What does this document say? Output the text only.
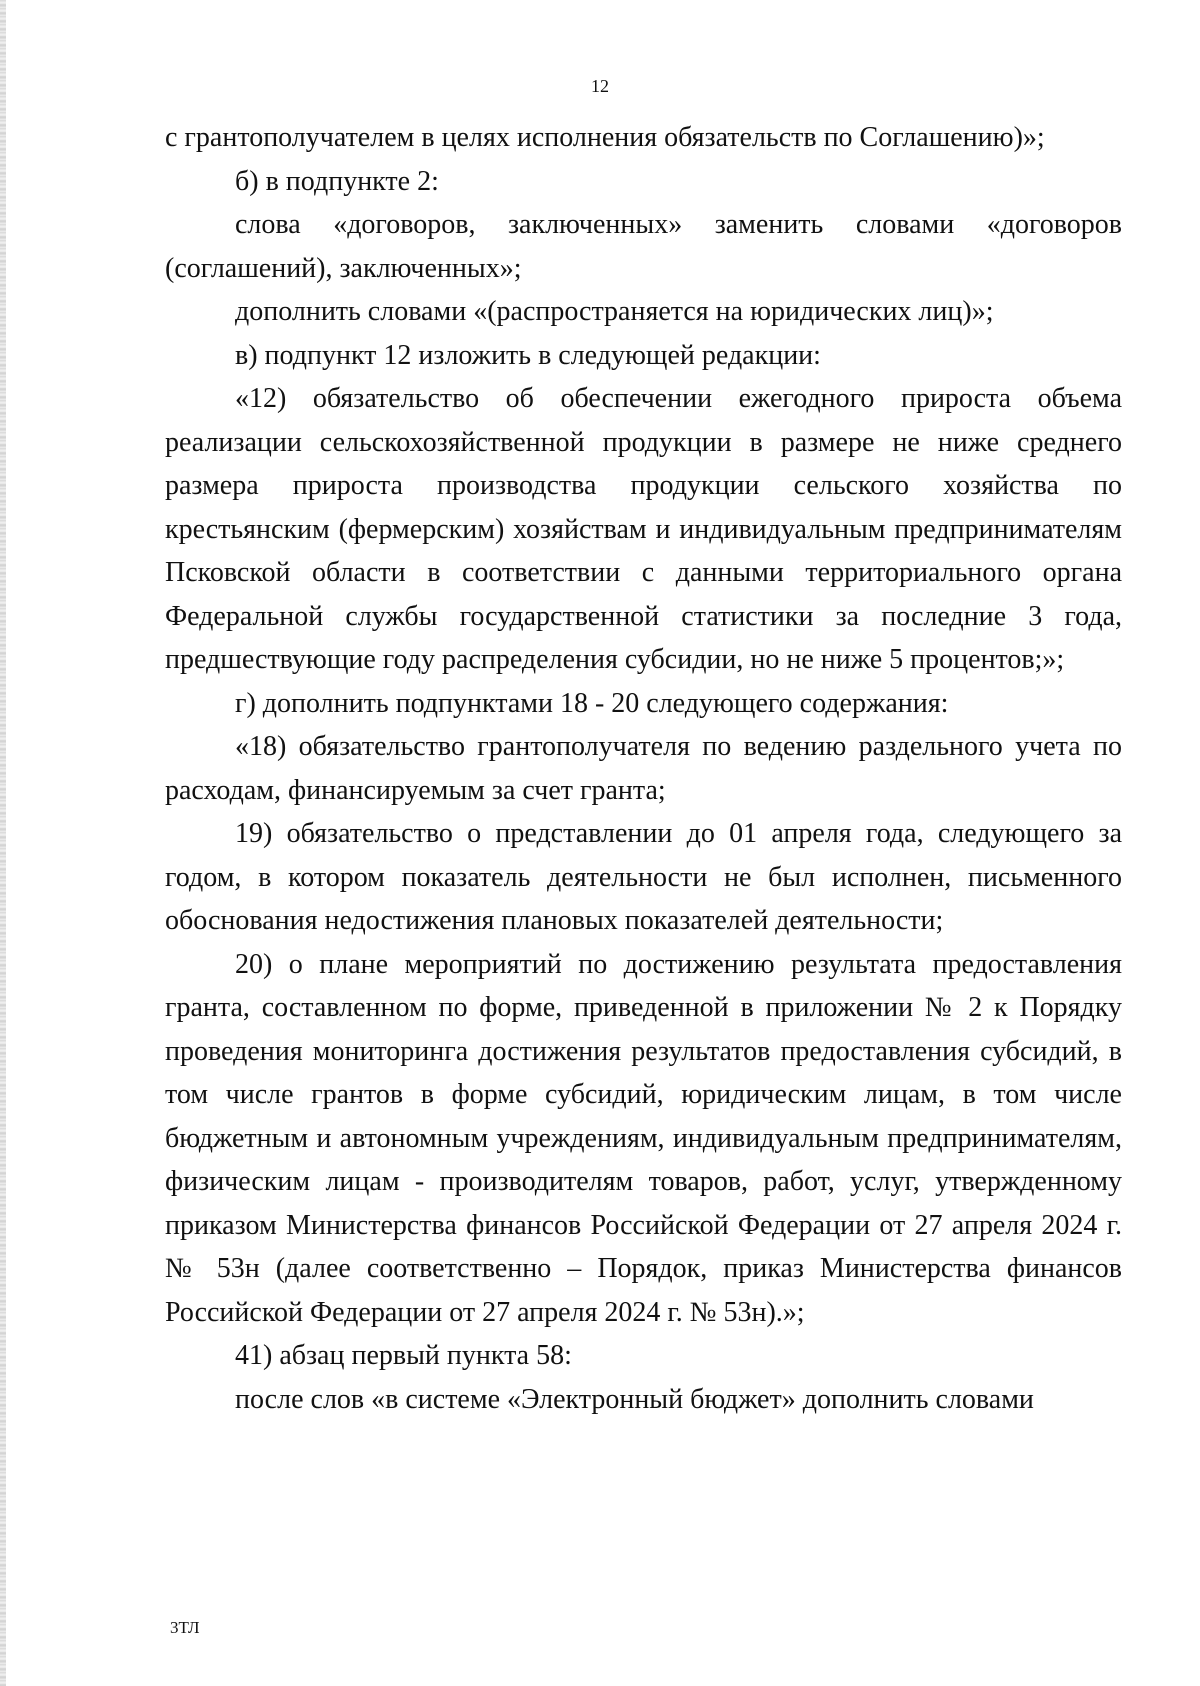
12

с грантополучателем в целях исполнения обязательств по Соглашению)»;

б) в подпункте 2:

слова «договоров, заключенных» заменить словами «договоров (соглашений), заключенных»;

дополнить словами «(распространяется на юридических лиц)»;

в) подпункт 12 изложить в следующей редакции:

«12) обязательство об обеспечении ежегодного прироста объема реализации сельскохозяйственной продукции в размере не ниже среднего размера прироста производства продукции сельского хозяйства по крестьянским (фермерским) хозяйствам и индивидуальным предпринимателям Псковской области в соответствии с данными территориального органа Федеральной службы государственной статистики за последние 3 года, предшествующие году распределения субсидии, но не ниже 5 процентов;»;

г) дополнить подпунктами 18 - 20 следующего содержания:

«18) обязательство грантополучателя по ведению раздельного учета по расходам, финансируемым за счет гранта;

19) обязательство о представлении до 01 апреля года, следующего за годом, в котором показатель деятельности не был исполнен, письменного обоснования недостижения плановых показателей деятельности;

20) о плане мероприятий по достижению результата предоставления гранта, составленном по форме, приведенной в приложении № 2 к Порядку проведения мониторинга достижения результатов предоставления субсидий, в том числе грантов в форме субсидий, юридическим лицам, в том числе бюджетным и автономным учреждениям, индивидуальным предпринимателям, физическим лицам - производителям товаров, работ, услуг, утвержденному приказом Министерства финансов Российской Федерации от 27 апреля 2024 г. № 53н (далее соответственно – Порядок, приказ Министерства финансов Российской Федерации от 27 апреля 2024 г. № 53н).»;

41) абзац первый пункта 58:

после слов «в системе «Электронный бюджет» дополнить словами

3ТЛ
